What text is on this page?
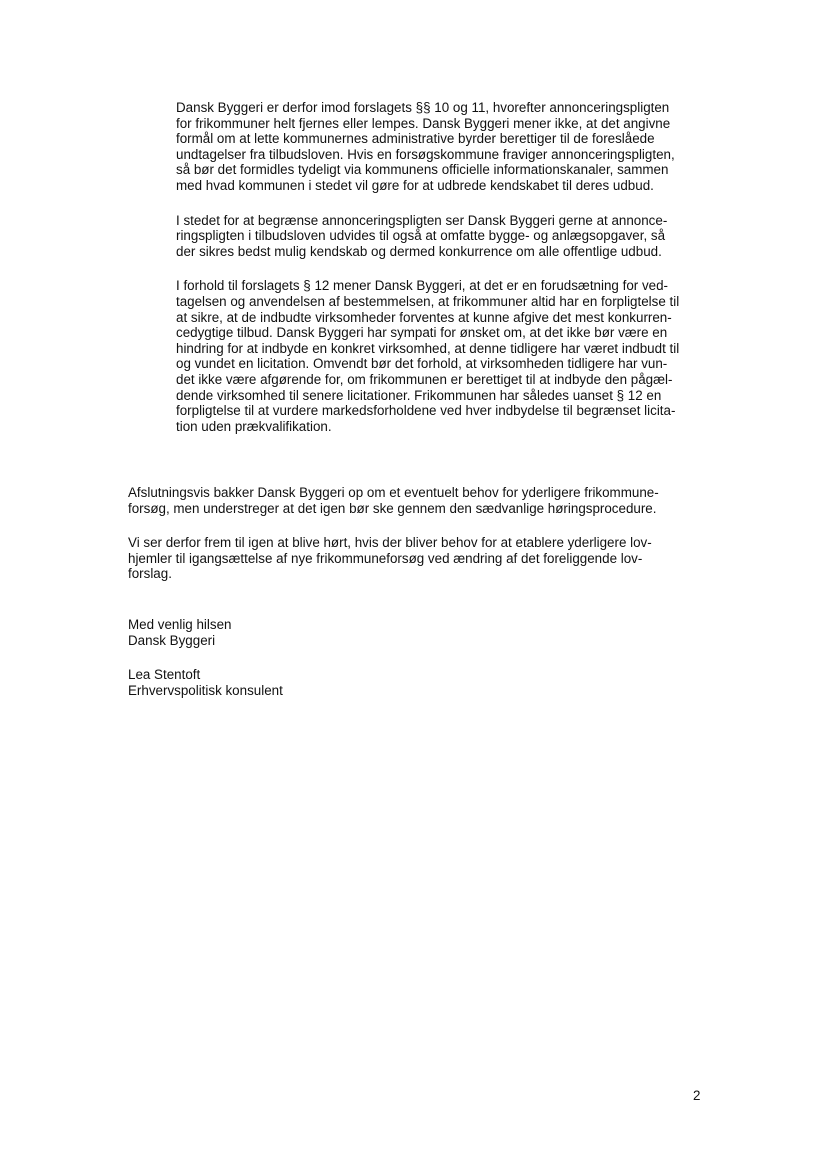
Dansk Byggeri er derfor imod forslagets §§ 10 og 11, hvorefter annonceringspligten
for frikommuner helt fjernes eller lempes. Dansk Byggeri mener ikke, at det angivne
formål om at lette kommunernes administrative byrder berettiger til de foreslåede
undtagelser fra tilbudsloven. Hvis en forsøgskommune fraviger annonceringspligten,
så bør det formidles tydeligt via kommunens officielle informationskanaler, sammen
med hvad kommunen i stedet vil gøre for at udbrede kendskabet til deres udbud.

I stedet for at begrænse annonceringspligten ser Dansk Byggeri gerne at annonce-
ringspligten i tilbudsloven udvides til også at omfatte bygge- og anlægsopgaver, så
der sikres bedst mulig kendskab og dermed konkurrence om alle offentlige udbud.

I forhold til forslagets § 12 mener Dansk Byggeri, at det er en forudsætning for ved-
tagelsen og anvendelsen af bestemmelsen, at frikommuner altid har en forpligtelse til
at sikre, at de indbudte virksomheder forventes at kunne afgive det mest konkurren-
cedygtige tilbud. Dansk Byggeri har sympati for ønsket om, at det ikke bør være en
hindring for at indbyde en konkret virksomhed, at denne tidligere har været indbudt til
og vundet en licitation. Omvendt bør det forhold, at virksomheden tidligere har vun-
det ikke være afgørende for, om frikommunen er berettiget til at indbyde den pågæl-
dende virksomhed til senere licitationer. Frikommunen har således uanset § 12 en
forpligtelse til at vurdere markedsforholdene ved hver indbydelse til begrænset licita-
tion uden prækvalifikation.

Afslutningsvis bakker Dansk Byggeri op om et eventuelt behov for yderligere frikommune-
forsøg, men understreger at det igen bør ske gennem den sædvanlige høringsprocedure.

Vi ser derfor frem til igen at blive hørt, hvis der bliver behov for at etablere yderligere lov-
hjemler til igangsættelse af nye frikommuneforsøg ved ændring af det foreliggende lov-
forslag.

Med venlig hilsen
Dansk Byggeri
Lea Stentoft
Erhvervspolitisk konsulent
2
